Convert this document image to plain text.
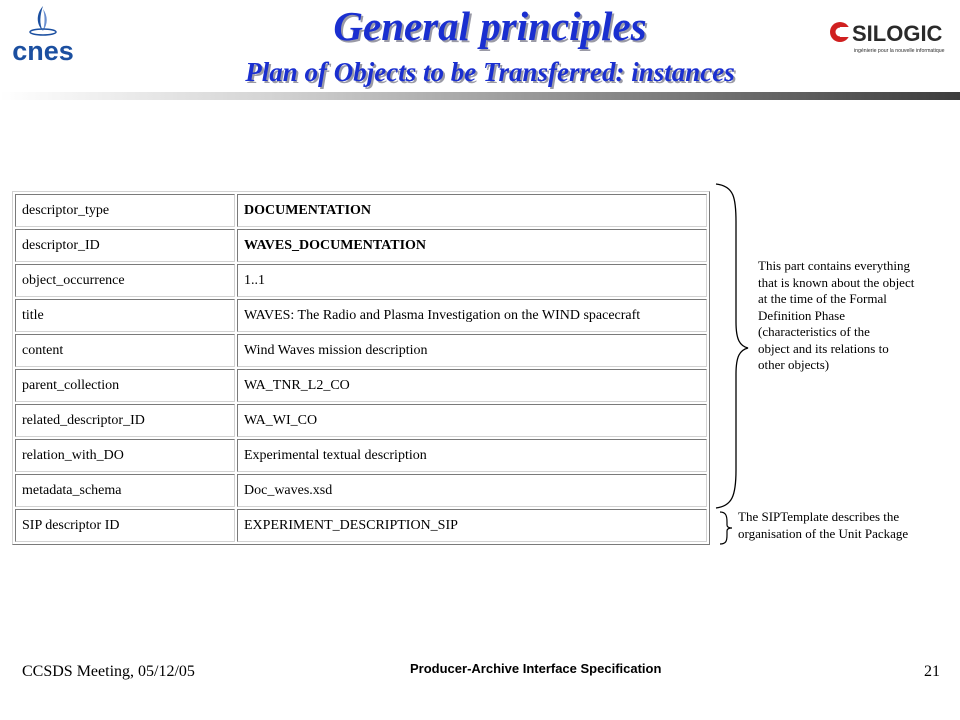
cnes
General principles
Plan of Objects to be Transferred: instances
SILOGIC
ingénierie pour la nouvelle informatique
descriptor_type	DOCUMENTATION
descriptor_ID	WAVES_DOCUMENTATION
object_occurrence	1..1
title	WAVES: The Radio and Plasma Investigation on the WIND spacecraft
content	Wind Waves mission description
parent_collection	WA_TNR_L2_CO
related_descriptor_ID	WA_WI_CO
relation_with_DO	Experimental textual description
metadata_schema	Doc_waves.xsd
SIP descriptor ID	EXPERIMENT_DESCRIPTION_SIP
This part contains everything
that is known about the object
at the time of the Formal
Definition Phase
(characteristics of the
object and its relations to
other objects)
The SIPTemplate describes the
organisation of the Unit Package
CCSDS Meeting, 05/12/05	Producer-Archive Interface Specification	21
